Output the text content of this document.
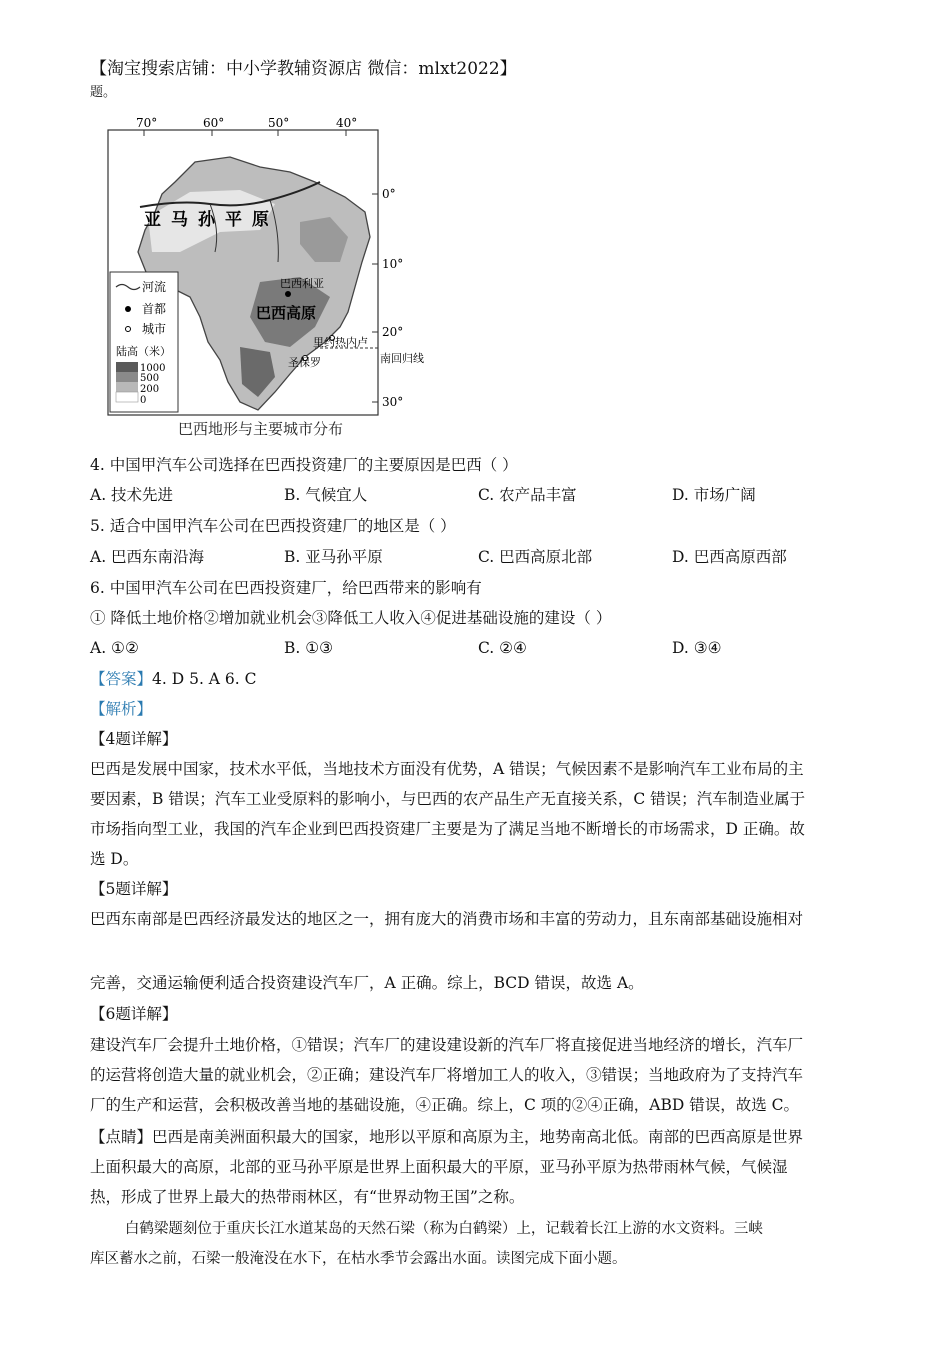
【淘宝搜索店铺：中小学教辅资源店 微信：mlxt2022】
题。
70°	60°	50°	40°
0°
10°
20°
30°
亚马孙平原
巴西高原
巴西利亚
里约热内卢
圣保罗	南回归线
河流
首都
城市
陆高（米）
1000
500
200
0
巴西地形与主要城市分布
4. 中国甲汽车公司选择在巴西投资建厂的主要原因是巴西（ ）
A. 技术先进	B. 气候宜人	C. 农产品丰富	D. 市场广阔
5. 适合中国甲汽车公司在巴西投资建厂的地区是（ ）
A. 巴西东南沿海	B. 亚马孙平原	C. 巴西高原北部	D. 巴西高原西部
6. 中国甲汽车公司在巴西投资建厂，给巴西带来的影响有
① 降低土地价格②增加就业机会③降低工人收入④促进基础设施的建设（ ）
A. ①②	B. ①③	C. ②④	D. ③④
【答案】4. D 5. A 6. C
【解析】
【4题详解】
巴西是发展中国家，技术水平低，当地技术方面没有优势，A 错误；气候因素不是影响汽车工业布局的主
要因素，B 错误；汽车工业受原料的影响小，与巴西的农产品生产无直接关系，C 错误；汽车制造业属于
市场指向型工业，我国的汽车企业到巴西投资建厂主要是为了满足当地不断增长的市场需求，D 正确。故
选 D。
【5题详解】
巴西东南部是巴西经济最发达的地区之一，拥有庞大的消费市场和丰富的劳动力，且东南部基础设施相对
完善，交通运输便利适合投资建设汽车厂，A 正确。综上，BCD 错误，故选 A。
【6题详解】
建设汽车厂会提升土地价格，①错误；汽车厂的建设建设新的汽车厂将直接促进当地经济的增长，汽车厂
的运营将创造大量的就业机会，②正确；建设汽车厂将增加工人的收入，③错误；当地政府为了支持汽车
厂的生产和运营，会积极改善当地的基础设施，④正确。综上，C 项的②④正确，ABD 错误，故选 C。
【点睛】巴西是南美洲面积最大的国家，地形以平原和高原为主，地势南高北低。南部的巴西高原是世界
上面积最大的高原，北部的亚马孙平原是世界上面积最大的平原，亚马孙平原为热带雨林气候，气候湿
热，形成了世界上最大的热带雨林区，有“世界动物王国”之称。
白鹤梁题刻位于重庆长江水道某岛的天然石梁（称为白鹤梁）上，记载着长江上游的水文资料。三峡
库区蓄水之前，石梁一般淹没在水下，在枯水季节会露出水面。读图完成下面小题。
